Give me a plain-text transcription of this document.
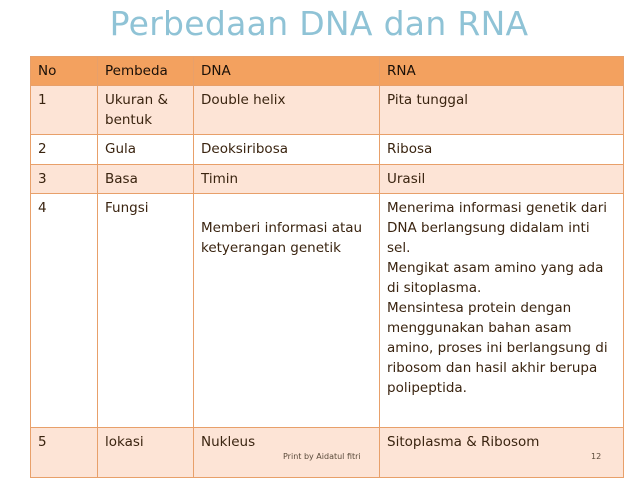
Perbedaan DNA dan RNA
No	Pembeda	DNA	RNA
1	Ukuran & bentuk	Double helix	Pita tunggal
2	Gula	Deoksiribosa	Ribosa
3	Basa	Timin	Urasil
4	Fungsi	Memberi informasi atau ketyerangan genetik	Menerima informasi genetik dari DNA berlangsung didalam inti sel.
Mengikat asam amino yang ada di sitoplasma.
Mensintesa protein dengan menggunakan bahan asam amino, proses ini berlangsung di ribosom dan hasil akhir berupa polipeptida.

5	lokasi	Nukleus	Sitoplasma & Ribosom
Print by Aidatul fitri	12
